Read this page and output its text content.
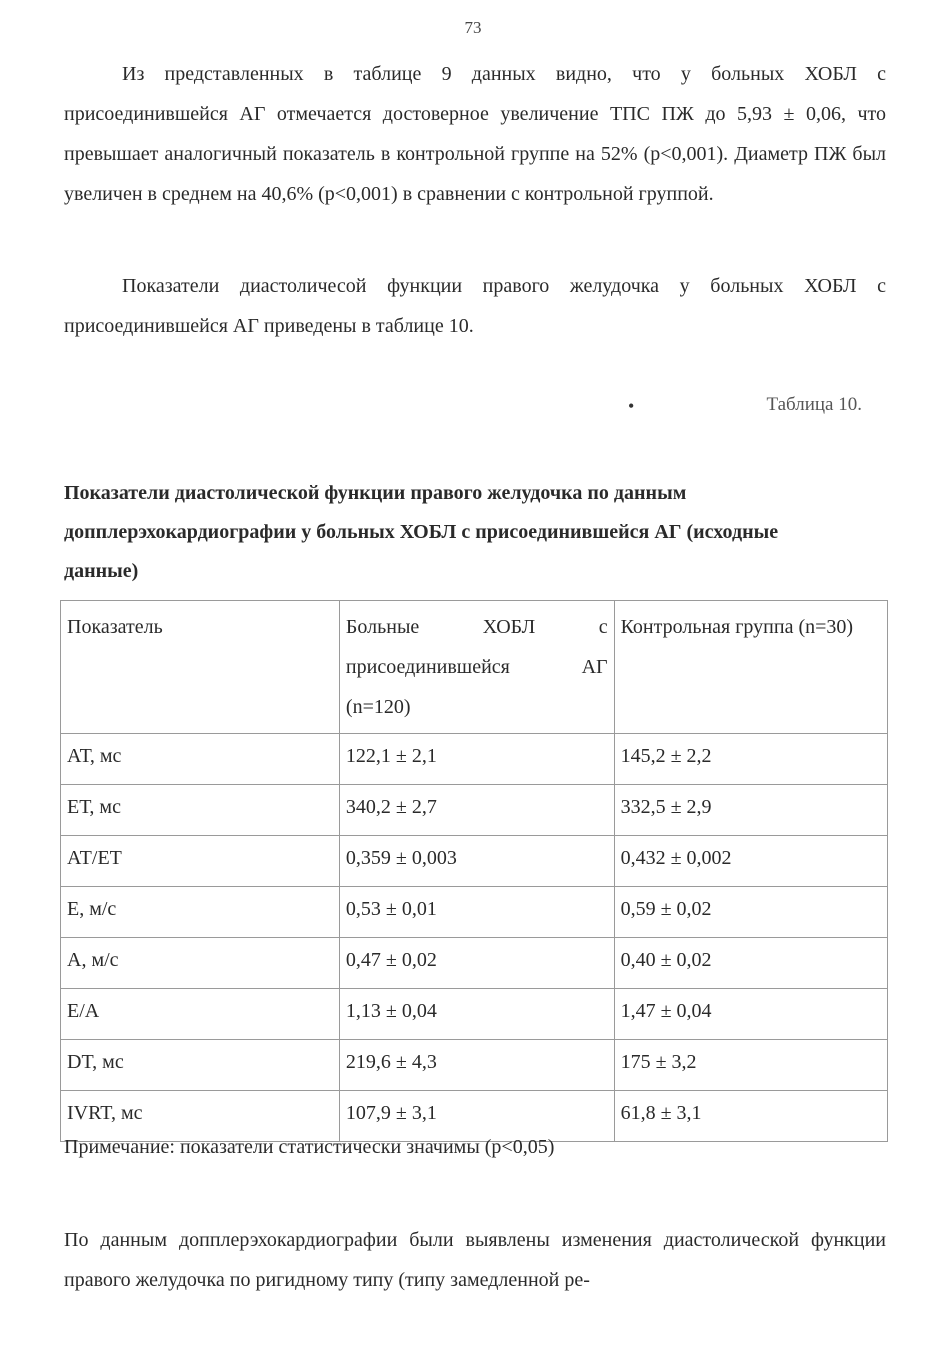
73

Из представленных в таблице 9 данных видно, что у больных ХОБЛ с присоединившейся АГ отмечается достоверное увеличение ТПС ПЖ до 5,93 ± 0,06, что превышает аналогичный показатель в контрольной группе на 52% (р<0,001). Диаметр ПЖ был увеличен в среднем на 40,6% (р<0,001) в сравнении с контрольной группой.

Показатели диастоличесой функции правого желудочка у больных ХОБЛ с присоединившейся АГ приведены в таблице 10.

•	Таблица 10.

Показатели диастолической функции правого желудочка по данным допплерэхокардиографии у больных ХОБЛ с присоединившейся АГ (исходные данные)

Показатель	Больные ХОБЛ с присоединившейся АГ (n=120)	Контрольная группа (n=30)
АТ, мс	122,1 ± 2,1	145,2 ± 2,2
ЕТ, мс	340,2 ± 2,7	332,5 ± 2,9
АТ/ЕТ	0,359 ± 0,003	0,432 ± 0,002
Е, м/с	0,53 ± 0,01	0,59 ± 0,02
А, м/с	0,47 ± 0,02	0,40 ± 0,02
Е/А	1,13 ± 0,04	1,47 ± 0,04
DT, мс	219,6 ± 4,3	175 ± 3,2
IVRT, мс	107,9 ± 3,1	61,8 ± 3,1

Примечание: показатели статистически значимы (р<0,05)

По данным допплерэхокардиографии были выявлены изменения диастолической функции правого желудочка по ригидному типу (типу замедленной ре-
